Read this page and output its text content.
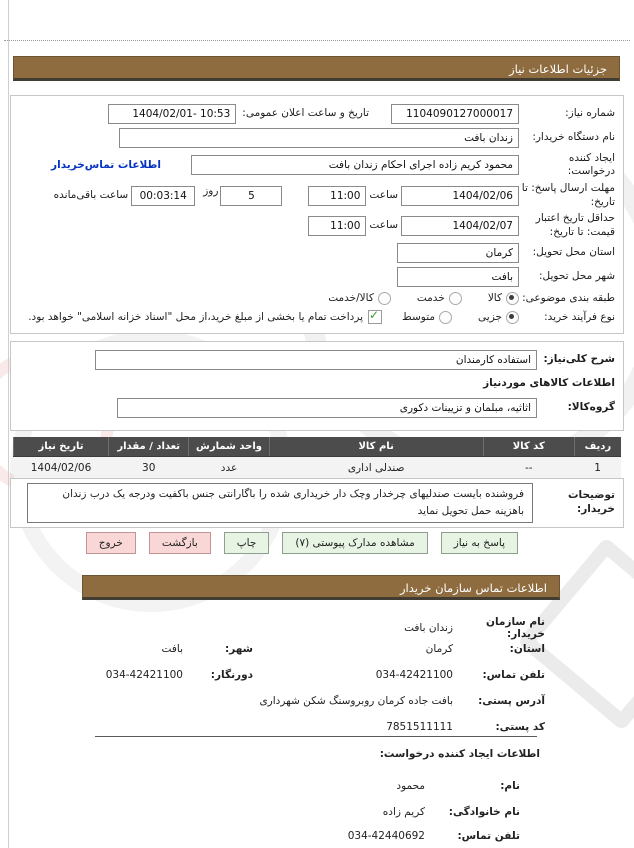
جزئیات اطلاعات نیاز
شماره نیاز:
1104090127000017
تاریخ و ساعت اعلان عمومی:
1404/02/01- 10:53
نام دستگاه خریدار:
زندان بافت
ایجاد کننده درخواست:
محمود کریم زاده اجرای احکام زندان بافت
اطلاعات تماس‌خریدار
مهلت ارسال پاسخ: تا تاریخ:
1404/02/06
ساعت
11:00
5
روز
00:03:14
ساعت باقی‌مانده
حداقل تاریخ اعتبار قیمت: تا تاریخ:
1404/02/07
ساعت
11:00
استان محل تحویل:
کرمان
شهر محل تحویل:
بافت
طبقه بندی موضوعی:
کالا
خدمت
کالا/خدمت
نوع فرآیند خرید:
جزیی
متوسط
✓
پرداخت تمام یا بخشی از مبلغ خرید،از محل "اسناد خزانه اسلامی" خواهد بود.
شرح کلی‌نیاز:
استفاده کارمندان
اطلاعات کالاهای موردنیاز
گروه‌کالا:
اثاثیه، مبلمان و تزیینات دکوری
ردیف	کد کالا	نام کالا	واحد شمارش	تعداد / مقدار	تاریخ نیاز
1	--	صندلی اداری	عدد	30	1404/02/06
توضیحات خریدار:
فروشنده بایست صندلیهای چرخدار وچک دار خریداری شده را باگارانتی جنس باکفیت ودرجه یک درب زندان باهزینه حمل تحویل نماید
پاسخ به نیاز
مشاهده مدارک پیوستی (۷)
چاپ
بازگشت
خروج
اطلاعات تماس سازمان خریدار
نام سازمان خریدار:
زندان بافت
استان:
کرمان
شهر:
بافت
تلفن تماس:
034-42421100
دورنگار:
034-42421100
آدرس پستی:
بافت جاده کرمان روبروسنگ شکن شهرداری
کد پستی:
7851511111
اطلاعات ایجاد کننده درخواست:
نام:
محمود
نام خانوادگی:
کریم زاده
تلفن تماس:
034-42440692
